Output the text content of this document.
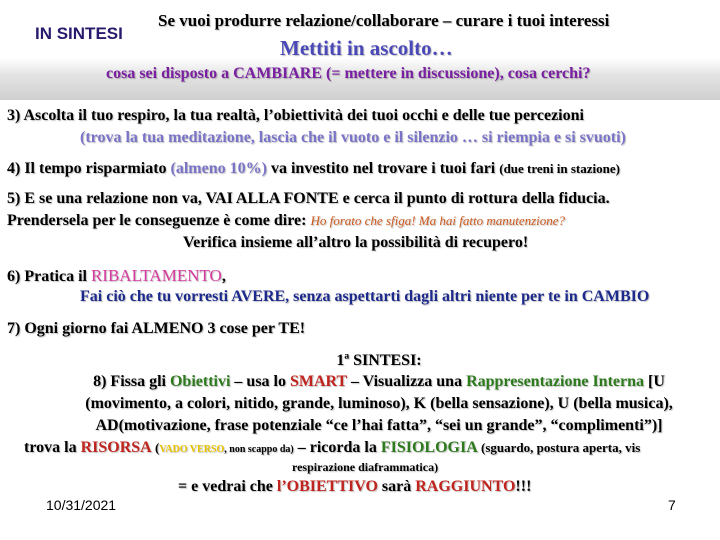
IN SINTESI
Se vuoi produrre relazione/collaborare – curare i tuoi interessi
Mettiti in ascolto…
cosa sei disposto a CAMBIARE (= mettere in discussione), cosa cerchi?
3) Ascolta il tuo respiro, la tua realtà, l’obiettività dei tuoi occhi e delle tue percezioni
(trova la tua meditazione, lascia che il vuoto e il silenzio … si riempia e si svuoti)
4) Il tempo risparmiato (almeno 10%) va investito nel trovare i tuoi fari (due treni in stazione)
5) E se una relazione non va, VAI ALLA FONTE e cerca il punto di rottura della fiducia.
Prendersela per le conseguenze è come dire: Ho forato che sfiga! Ma hai fatto manutenzione?
Verifica insieme all’altro la possibilità di recupero!
6) Pratica il RIBALTAMENTO,
Fai ciò che tu vorresti AVERE, senza aspettarti dagli altri niente per te in CAMBIO
7) Ogni giorno fai ALMENO 3 cose per TE!
1ª SINTESI:
8) Fissa gli Obiettivi – usa lo SMART – Visualizza una Rappresentazione Interna [U
(movimento, a colori, nitido, grande, luminoso), K (bella sensazione), U (bella musica),
AD(motivazione, frase potenziale “ce l’hai fatta”, “sei un grande”, “complimenti”)]
trova la RISORSA (VADO VERSO, non scappo da) – ricorda la FISIOLOGIA (sguardo, postura aperta, vis
respirazione diaframmatica)
= e vedrai che l’OBIETTIVO sarà RAGGIUNTO!!!
10/31/2021	7
